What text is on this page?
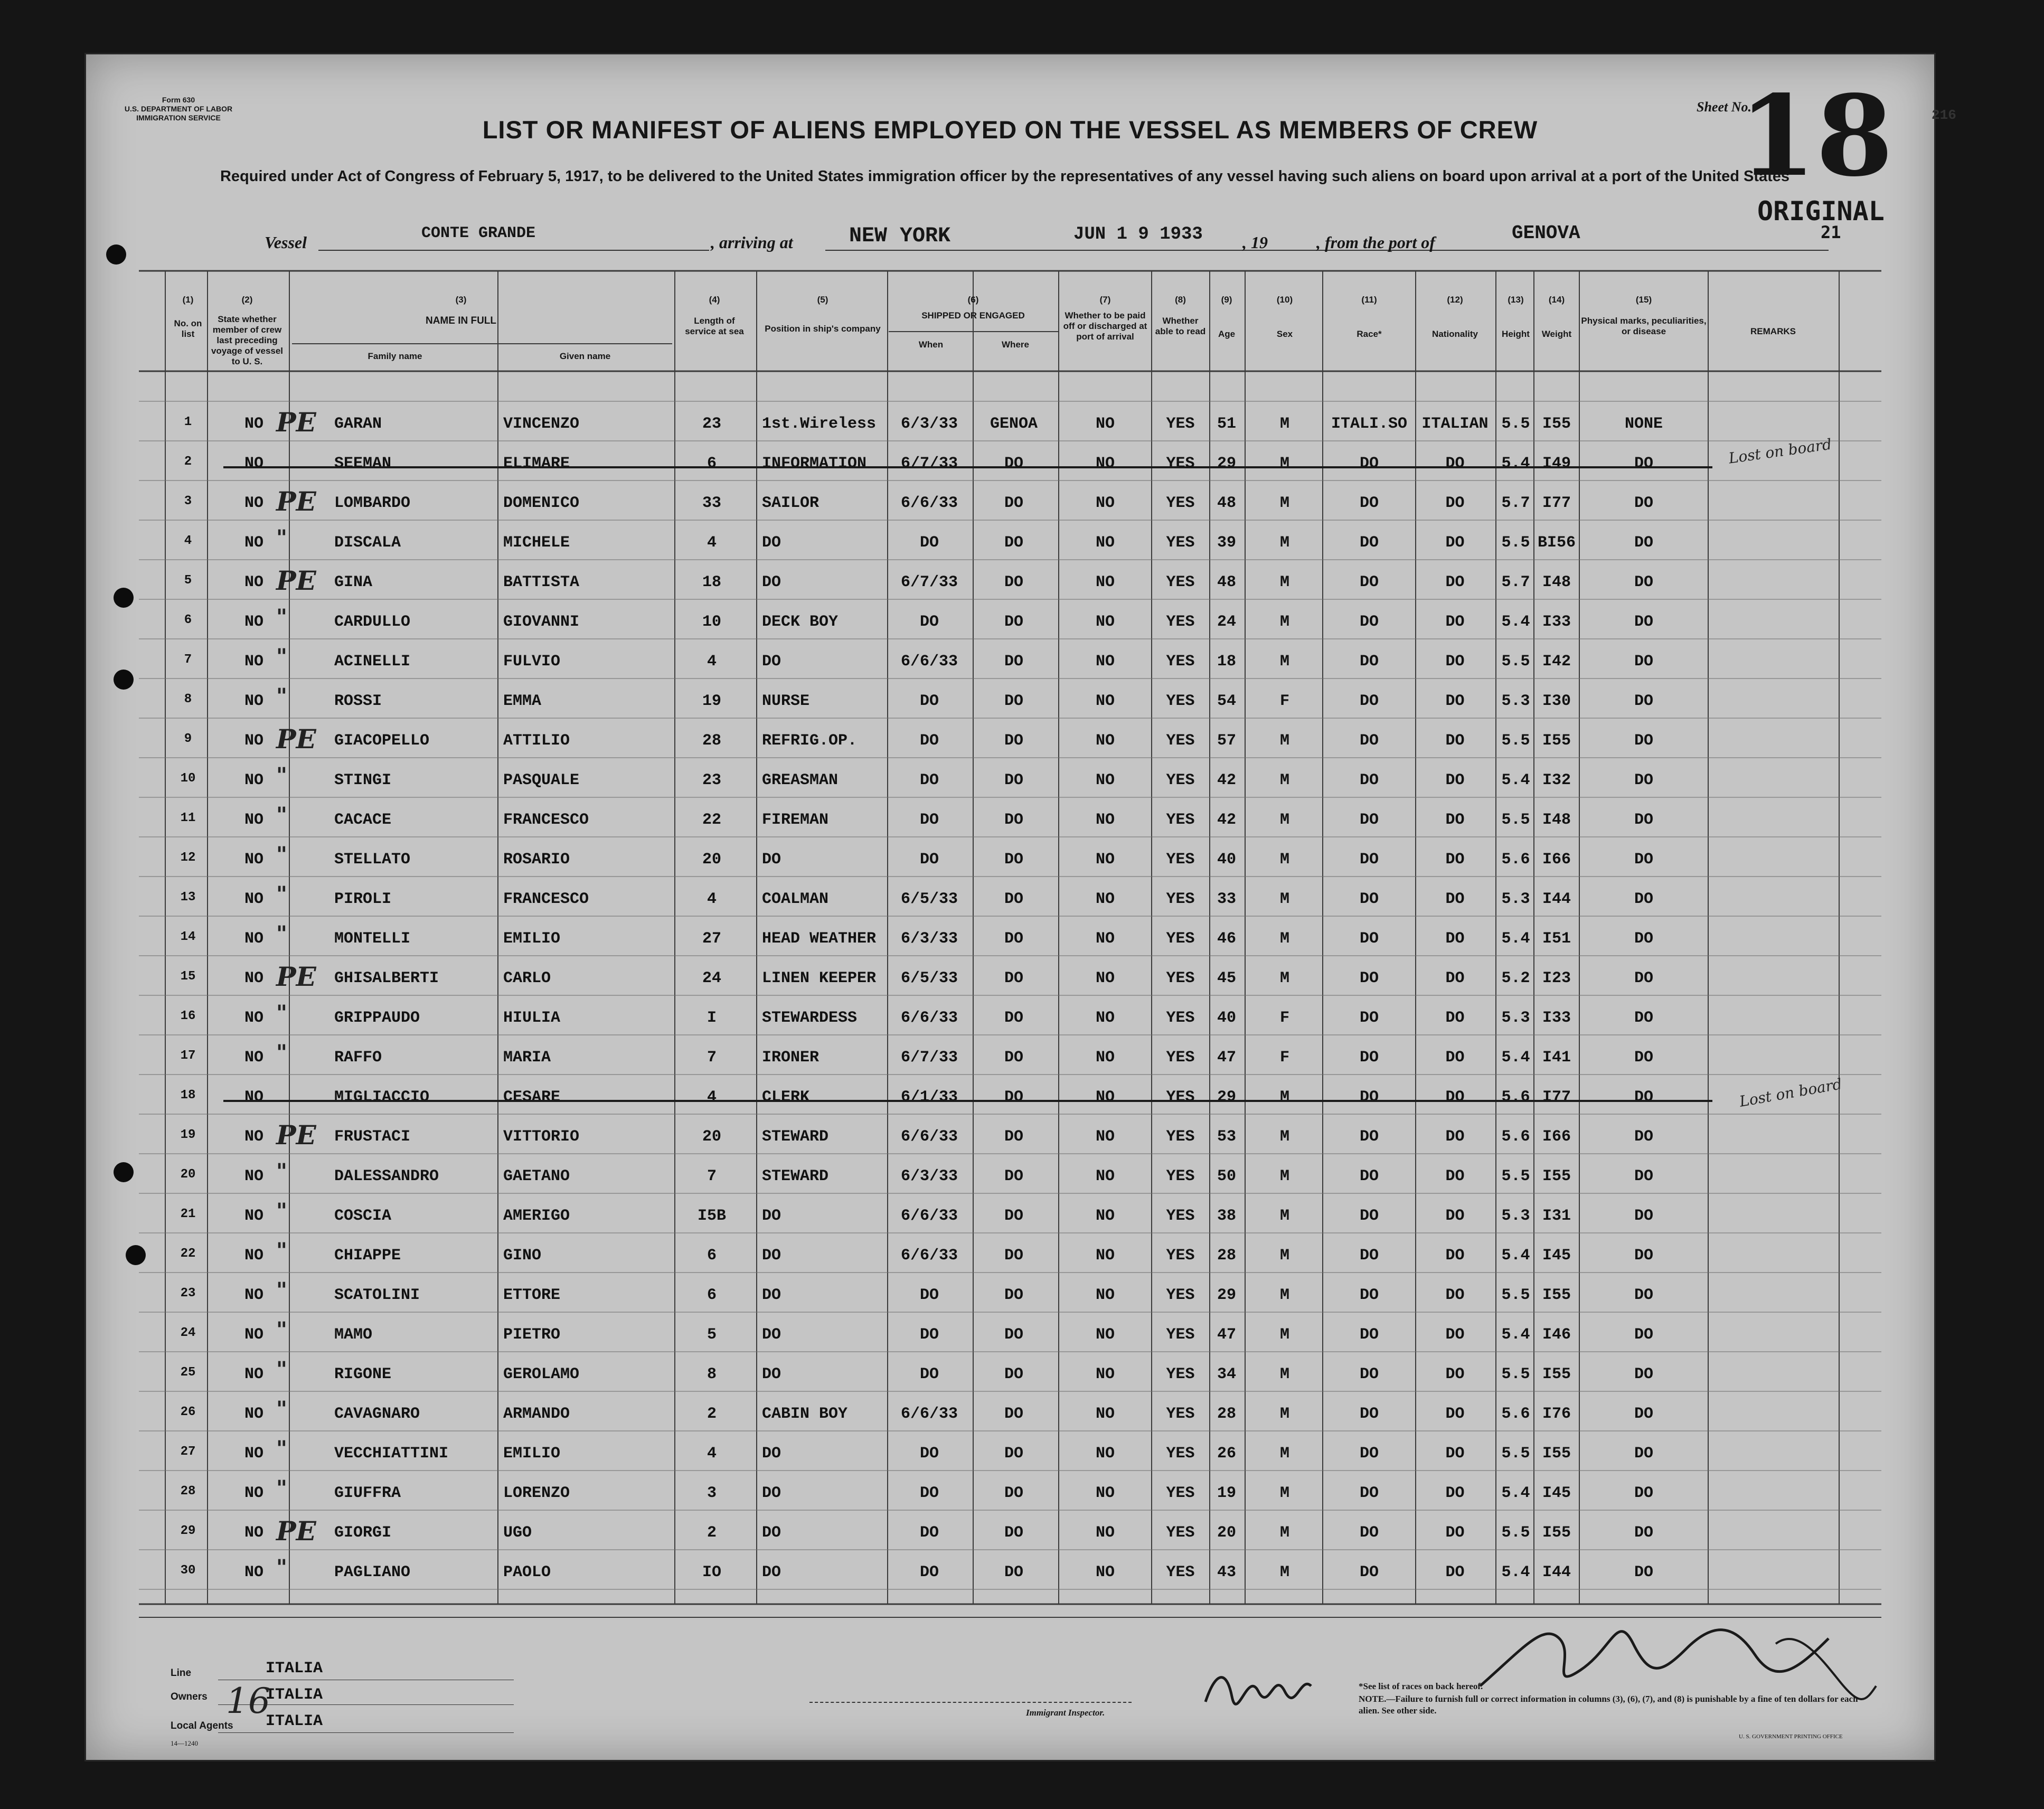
Form 630
U.S. DEPARTMENT OF LABOR
IMMIGRATION SERVICE	LIST OR MANIFEST OF ALIENS EMPLOYED ON THE VESSEL AS MEMBERS OF CREW
Required under Act of Congress of February 5, 1917, to be delivered to the United States immigration officer by the representatives of any vessel having such aliens on board upon arrival at a port of the United States
Sheet No.
18	216
ORIGINAL
21
Vessel	CONTE GRANDE	, arriving at	NEW YORK	JUN 1 9 1933 , 19	, from the port of	GENOVA
(1)	(2)	(3)	(4)	(5)	(6)	(7)	(8)	(9)	(10)	(11)	(12)	(13)	(14)	(15)
No. on list
State whether member of crew last preceding voyage of vessel to U. S.
NAME IN FULL
Family name	Given name
Length of service at sea	Position in ship's company
SHIPPED OR ENGAGED
When	Where
Whether to be paid off or discharged at port of arrival
Whether able to read	Age	Sex	Race*	Nationality	Height	Weight
Physical marks, peculiarities, or disease	REMARKS
1	NO	GARAN	VINCENZO	23	1st.Wireless	6/3/33	GENOA	NO	YES	51	M	ITALI.SO ITALIAN 5.5 I55	NONE
PE
2	NO	SEEMAN	ELIMARE	6	INFORMATION	6/7/33	DO	NO	YES	29	M	DO	DO	5.4 I49	DO
3	NO	LOMBARDO	DOMENICO	33	SAILOR	6/6/33	DO	NO	YES	48	M	DO	DO	5.7 I77	DO
PE
4	NO	DISCALA	MICHELE	4	DO	DO	DO	NO	YES	39	M	DO	DO	5.5 BI56	DO
"
5	NO	GINA	BATTISTA	18	DO	6/7/33	DO	NO	YES	48	M	DO	DO	5.7 I48	DO
PE
6	NO	CARDULLO	GIOVANNI	10	DECK BOY	DO	DO	NO	YES	24	M	DO	DO	5.4 I33	DO
"
7	NO	ACINELLI	FULVIO	4	DO	6/6/33	DO	NO	YES	18	M	DO	DO	5.5 I42	DO
"
8	NO	ROSSI	EMMA	19	NURSE	DO	DO	NO	YES	54	F	DO	DO	5.3 I30	DO
"
9	NO	GIACOPELLO	ATTILIO	28	REFRIG.OP.	DO	DO	NO	YES	57	M	DO	DO	5.5 I55	DO
PE
10	NO	STINGI	PASQUALE	23	GREASMAN	DO	DO	NO	YES	42	M	DO	DO	5.4 I32	DO
"
11	NO	CACACE	FRANCESCO	22	FIREMAN	DO	DO	NO	YES	42	M	DO	DO	5.5 I48	DO
"
12	NO	STELLATO	ROSARIO	20	DO	DO	DO	NO	YES	40	M	DO	DO	5.6 I66	DO
"
13	NO	PIROLI	FRANCESCO	4	COALMAN	6/5/33	DO	NO	YES	33	M	DO	DO	5.3 I44	DO
"
14	NO	MONTELLI	EMILIO	27	HEAD WEATHER	6/3/33	DO	NO	YES	46	M	DO	DO	5.4 I51	DO
"
15	NO	GHISALBERTI	CARLO	24	LINEN KEEPER	6/5/33	DO	NO	YES	45	M	DO	DO	5.2 I23	DO
PE
16	NO	GRIPPAUDO	HIULIA	I	STEWARDESS	6/6/33	DO	NO	YES	40	F	DO	DO	5.3 I33	DO
"
17	NO	RAFFO	MARIA	7	IRONER	6/7/33	DO	NO	YES	47	F	DO	DO	5.4 I41	DO
"
18	NO	MIGLIACCIO	CESARE	4	CLERK	6/1/33	DO	NO	YES	29	M	DO	DO	5.6 I77	DO
19	NO	FRUSTACI	VITTORIO	20	STEWARD	6/6/33	DO	NO	YES	53	M	DO	DO	5.6 I66	DO
PE
20	NO	DALESSANDRO	GAETANO	7	STEWARD	6/3/33	DO	NO	YES	50	M	DO	DO	5.5 I55	DO
"
21	NO	COSCIA	AMERIGO	I5B	DO	6/6/33	DO	NO	YES	38	M	DO	DO	5.3 I31	DO
"
22	NO	CHIAPPE	GINO	6	DO	6/6/33	DO	NO	YES	28	M	DO	DO	5.4 I45	DO
"
23	NO	SCATOLINI	ETTORE	6	DO	DO	DO	NO	YES	29	M	DO	DO	5.5 I55	DO
"
24	NO	MAMO	PIETRO	5	DO	DO	DO	NO	YES	47	M	DO	DO	5.4 I46	DO
"
25	NO	RIGONE	GEROLAMO	8	DO	DO	DO	NO	YES	34	M	DO	DO	5.5 I55	DO
"
26	NO	CAVAGNARO	ARMANDO	2	CABIN BOY	6/6/33	DO	NO	YES	28	M	DO	DO	5.6 I76	DO
"
27	NO	VECCHIATTINI	EMILIO	4	DO	DO	DO	NO	YES	26	M	DO	DO	5.5 I55	DO
"
28	NO	GIUFFRA	LORENZO	3	DO	DO	DO	NO	YES	19	M	DO	DO	5.4 I45	DO
"
29	NO	GIORGI	UGO	2	DO	DO	DO	NO	YES	20	M	DO	DO	5.5 I55	DO
PE
30	NO	PAGLIANO	PAOLO	IO	DO	DO	DO	NO	YES	43	M	DO	DO	5.4 I44	DO
"
Lost on board
Lost on board
Line	ITALIA
Owners	ITALIA
Local Agents ITALIA
16
14—1240
Immigrant Inspector.
*See list of races on back hereof.
NOTE.—Failure to furnish full or correct information in columns (3), (6), (7), and (8) is punishable by a fine of ten dollars for each alien. See other side.
U. S. GOVERNMENT PRINTING OFFICE
